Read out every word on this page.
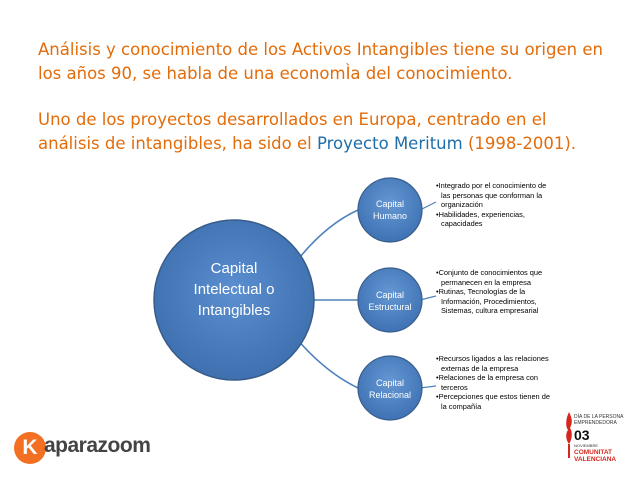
Análisis y conocimiento de los Activos Intangibles tiene su origen en los años 90, se habla de una economÌa del conocimiento.

Uno de los proyectos desarrollados en Europa, centrado en el análisis de intangibles, ha sido el Proyecto Meritum (1998-2001).

Capital
Intelectual o
Intangibles
Capital
Humano
Capital
Estructural
Capital
Relacional
• Integrado por el conocimiento de las personas que conforman la organización
• Habilidades, experiencias, capacidades
• Conjunto de conocimientos que permanecen en la empresa
• Rutinas, Tecnologías de la Información, Procedimientos, Sistemas, cultura empresarial
• Recursos ligados a las relaciones externas de la empresa
• Relaciones de la empresa con terceros
• Percepciones que estos tienen de la compañía
K aparazoom
DÍA DE LA PERSONA
EMPRENDEDORA
03
NOVIEMBRE
COMUNITAT
VALENCIANA
